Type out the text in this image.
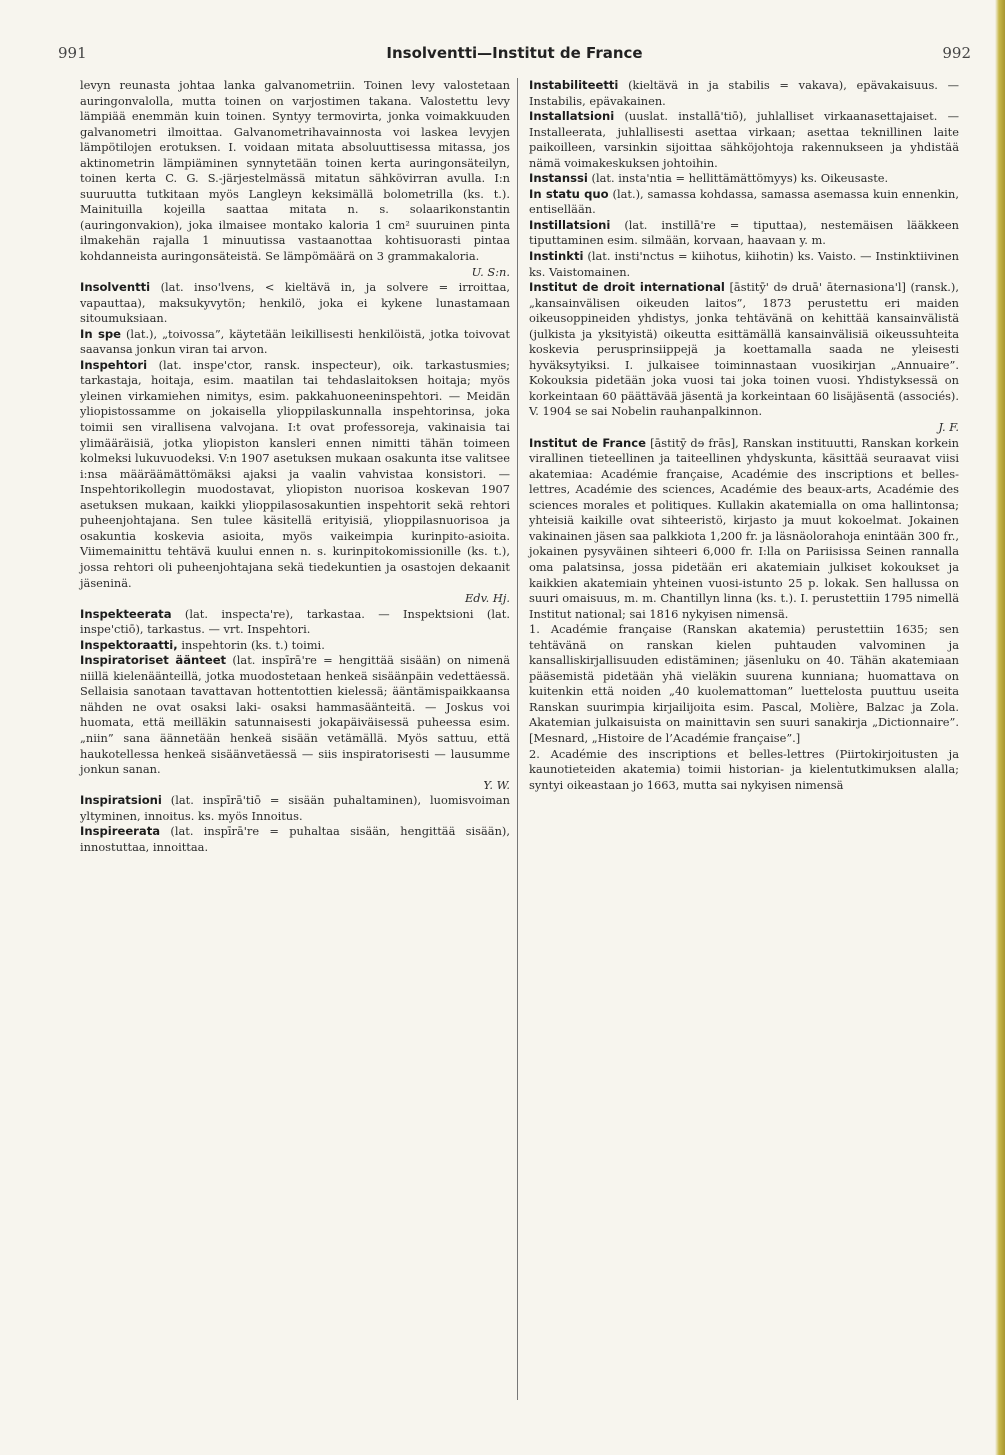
991	Insolventti—Institut de France	992

levyn reunasta johtaa lanka galvanometriin. Toinen levy valostetaan auringonvalolla, mutta toinen on varjostimen takana. Valostettu levy lämpiää enemmän kuin toinen. Syntyy termovirta, jonka voimakkuuden galvanometri ilmoittaa. Galvanometrihavainnosta voi laskea levyjen lämpötilojen erotuksen. I. voidaan mitata absoluuttisessa mitassa, jos aktinometrin lämpiäminen synnytetään toinen kerta auringonsäteilyn, toinen kerta C. G. S.-järjestelmässä mitatun sähkövirran avulla. I:n suuruutta tutkitaan myös Langleyn keksimällä bolometrilla (ks. t.). Mainituilla kojeilla saattaa mitata n. s. solaarikonstantin (auringonvakion), joka ilmaisee montako kaloria 1 cm² suuruinen pinta ilmakehän rajalla 1 minuutissa vastaanottaa kohtisuorasti pintaa kohdanneista auringonsäteistä. Se lämpömäärä on 3 grammakaloria.
U. S:n.

Insolventti (lat. inso'lvens, < kieltävä in, ja solvere = irroittaa, vapauttaa), maksukyvytön; henkilö, joka ei kykene lunastamaan sitoumuksiaan.

In spe (lat.), „toivossa”, käytetään leikillisesti henkilöistä, jotka toivovat saavansa jonkun viran tai arvon.

Inspehtori (lat. inspe'ctor, ransk. inspecteur), oik. tarkastusmies; tarkastaja, hoitaja, esim. maatilan tai tehdaslaitoksen hoitaja; myös yleinen virkamiehen nimitys, esim. pakkahuoneeninspehtori. — Meidän yliopistossamme on jokaisella ylioppilaskunnalla inspehtorinsa, joka toimii sen virallisena valvojana. I:t ovat professoreja, vakinaisia tai ylimääräisiä, jotka yliopiston kansleri ennen nimitti tähän toimeen kolmeksi lukuvuodeksi. V:n 1907 asetuksen mukaan osakunta itse valitsee i:nsa määräämättömäksi ajaksi ja vaalin vahvistaa konsistori. — Inspehtorikollegin muodostavat, yliopiston nuorisoa koskevan 1907 asetuksen mukaan, kaikki ylioppilasosakuntien inspehtorit sekä rehtori puheenjohtajana. Sen tulee käsitellä erityisiä, ylioppilasnuorisoa ja osakuntia koskevia asioita, myös vaikeimpia kurinpito-asioita. Viimemainittu tehtävä kuului ennen n. s. kurinpitokomissionille (ks. t.), jossa rehtori oli puheenjohtajana sekä tiedekuntien ja osastojen dekaanit jäseninä.
Edv. Hj.

Inspekteerata (lat. inspecta're), tarkastaa. — Inspektsioni (lat. inspe'ctiō), tarkastus. — vrt. Inspehtori.

Inspektoraatti, inspehtorin (ks. t.) toimi.

Inspiratoriset äänteet (lat. inspīrā're = hengittää sisään) on nimenä niillä kielenäänteillä, jotka muodostetaan henkeä sisäänpäin vedettäessä. Sellaisia sanotaan tavattavan hottentottien kielessä; ääntämispaikkaansa nähden ne ovat osaksi laki- osaksi hammasäänteitä. — Joskus voi huomata, että meilläkin satunnaisesti jokapäiväisessä puheessa esim. „niin” sana äännetään henkeä sisään vetämällä. Myös sattuu, että haukotellessa henkeä sisäänvetäessä — siis inspiratorisesti — lausumme jonkun sanan.
Y. W.

Inspiratsioni (lat. inspīrā'tiō = sisään puhaltaminen), luomisvoiman yltyminen, innoitus. ks. myös Innoitus.

Inspireerata (lat. inspīrā're = puhaltaa sisään, hengittää sisään), innostuttaa, innoittaa.

Instabiliteetti (kieltävä in ja stabilis = vakava), epävakaisuus. — Instabilis, epävakainen.

Installatsioni (uuslat. installā'tiō), juhlalliset virkaanasettajaiset. — Installeerata, juhlallisesti asettaa virkaan; asettaa teknillinen laite paikoilleen, varsinkin sijoittaa sähköjohtoja rakennukseen ja yhdistää nämä voimakeskuksen johtoihin.

Instanssi (lat. insta'ntia = hellittämättömyys) ks. Oikeusaste.

In statu quo (lat.), samassa kohdassa, samassa asemassa kuin ennenkin, entisellään.

Instillatsioni (lat. instillā're = tiputtaa), nestemäisen lääkkeen tiputtaminen esim. silmään, korvaan, haavaan y. m.

Instinkti (lat. insti'nctus = kiihotus, kiihotin) ks. Vaisto. — Instinktiivinen ks. Vaistomainen.

Institut de droit international [āstitȳ' dɘ druā' āternasiona'l] (ransk.), „kansainvälisen oikeuden laitos”, 1873 perustettu eri maiden oikeusoppineiden yhdistys, jonka tehtävänä on kehittää kansainvälistä (julkista ja yksityistä) oikeutta esittämällä kansainvälisiä oikeussuhteita koskevia perusprinsiippejä ja koettamalla saada ne yleisesti hyväksytyiksi. I. julkaisee toiminnastaan vuosikirjan „Annuaire”. Kokouksia pidetään joka vuosi tai joka toinen vuosi. Yhdistyksessä on korkeintaan 60 päättävää jäsentä ja korkeintaan 60 lisäjäsentä (associés). V. 1904 se sai Nobelin rauhanpalkinnon.
J. F.

Institut de France [āstitȳ dɘ frās], Ranskan instituutti, Ranskan korkein virallinen tieteellinen ja taiteellinen yhdyskunta, käsittää seuraavat viisi akatemiaa: Académie française, Académie des inscriptions et belles-lettres, Académie des sciences, Académie des beaux-arts, Académie des sciences morales et politiques. Kullakin akatemialla on oma hallintonsa; yhteisiä kaikille ovat sihteeristö, kirjasto ja muut kokoelmat. Jokainen vakinainen jäsen saa palkkiota 1,200 fr. ja läsnäolorahoja enintään 300 fr., jokainen pysyväinen sihteeri 6,000 fr. I:lla on Pariisissa Seinen rannalla oma palatsinsa, jossa pidetään eri akatemiain julkiset kokoukset ja kaikkien akatemiain yhteinen vuosi-istunto 25 p. lokak. Sen hallussa on suuri omaisuus, m. m. Chantillyn linna (ks. t.). I. perustettiin 1795 nimellä Institut national; sai 1816 nykyisen nimensä.

1. Académie française (Ranskan akatemia) perustettiin 1635; sen tehtävänä on ranskan kielen puhtauden valvominen ja kansalliskirjallisuuden edistäminen; jäsenluku on 40. Tähän akatemiaan pääsemistä pidetään yhä vieläkin suurena kunniana; huomattava on kuitenkin että noiden „40 kuolemattoman” luettelosta puuttuu useita Ranskan suurimpia kirjailijoita esim. Pascal, Molière, Balzac ja Zola. Akatemian julkaisuista on mainittavin sen suuri sanakirja „Dictionnaire”. [Mesnard, „Histoire de l’Académie française”.]

2. Académie des inscriptions et belles-lettres (Piirtokirjoitusten ja kaunotieteiden akatemia) toimii historian- ja kielentutkimuksen alalla; syntyi oikeastaan jo 1663, mutta sai nykyisen nimensä
